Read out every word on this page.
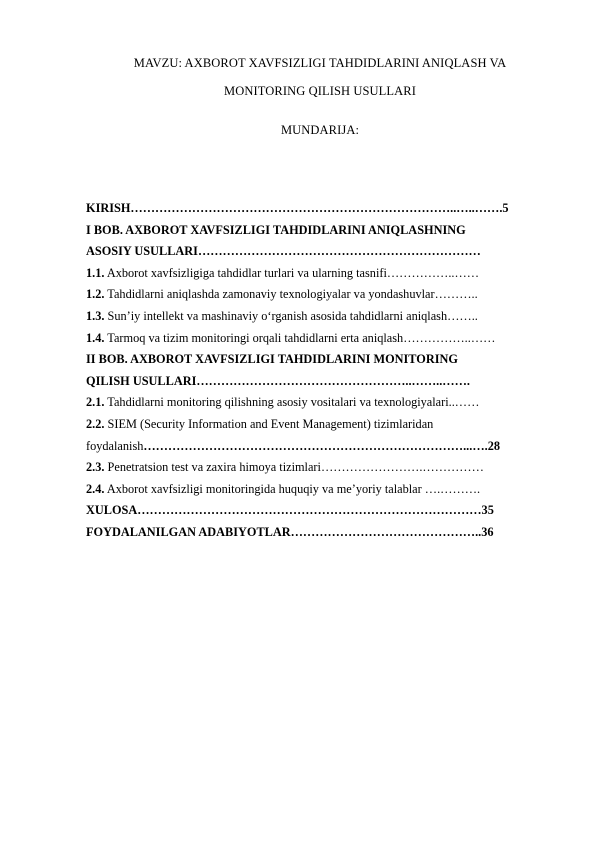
MAVZU: AXBOROT XAVFSIZLIGI TAHDIDLARINI ANIQLASH VA
MONITORING QILISH USULLARI
MUNDARIJA:
KIRISH……………………………………………………………………..…..…….5
I BOB. AXBOROT XAVFSIZLIGI TAHDIDLARINI ANIQLASHNING
ASOSIY USULLARI……………………………………………………………
1.1. Axborot xavfsizligiga tahdidlar turlari va ularning tasnifi……………..……
1.2. Tahdidlarni aniqlashda zamonaviy texnologiyalar va yondashuvlar………..
1.3. Sun’iy intellekt va mashinaviy o‘rganish asosida tahdidlarni aniqlash……..
1.4. Tarmoq va tizim monitoringi orqali tahdidlarni erta aniqlash……………..……
II BOB. AXBOROT XAVFSIZLIGI TAHDIDLARINI MONITORING
QILISH USULLARI……………………………………………..……..…….
2.1. Tahdidlarni monitoring qilishning asosiy vositalari va texnologiyalari..……
2.2. SIEM (Security Information and Event Management) tizimlaridan
foydalanish……………………………………………………………………...….28
2.3. Penetratsion test va zaxira himoya tizimlari…………………….……………
2.4. Axborot xavfsizligi monitoringida huquqiy va me’yoriy talablar ….……….
XULOSA…………………………………………………………………………35
FOYDALANILGAN ADABIYOTLAR………………………………………..36
